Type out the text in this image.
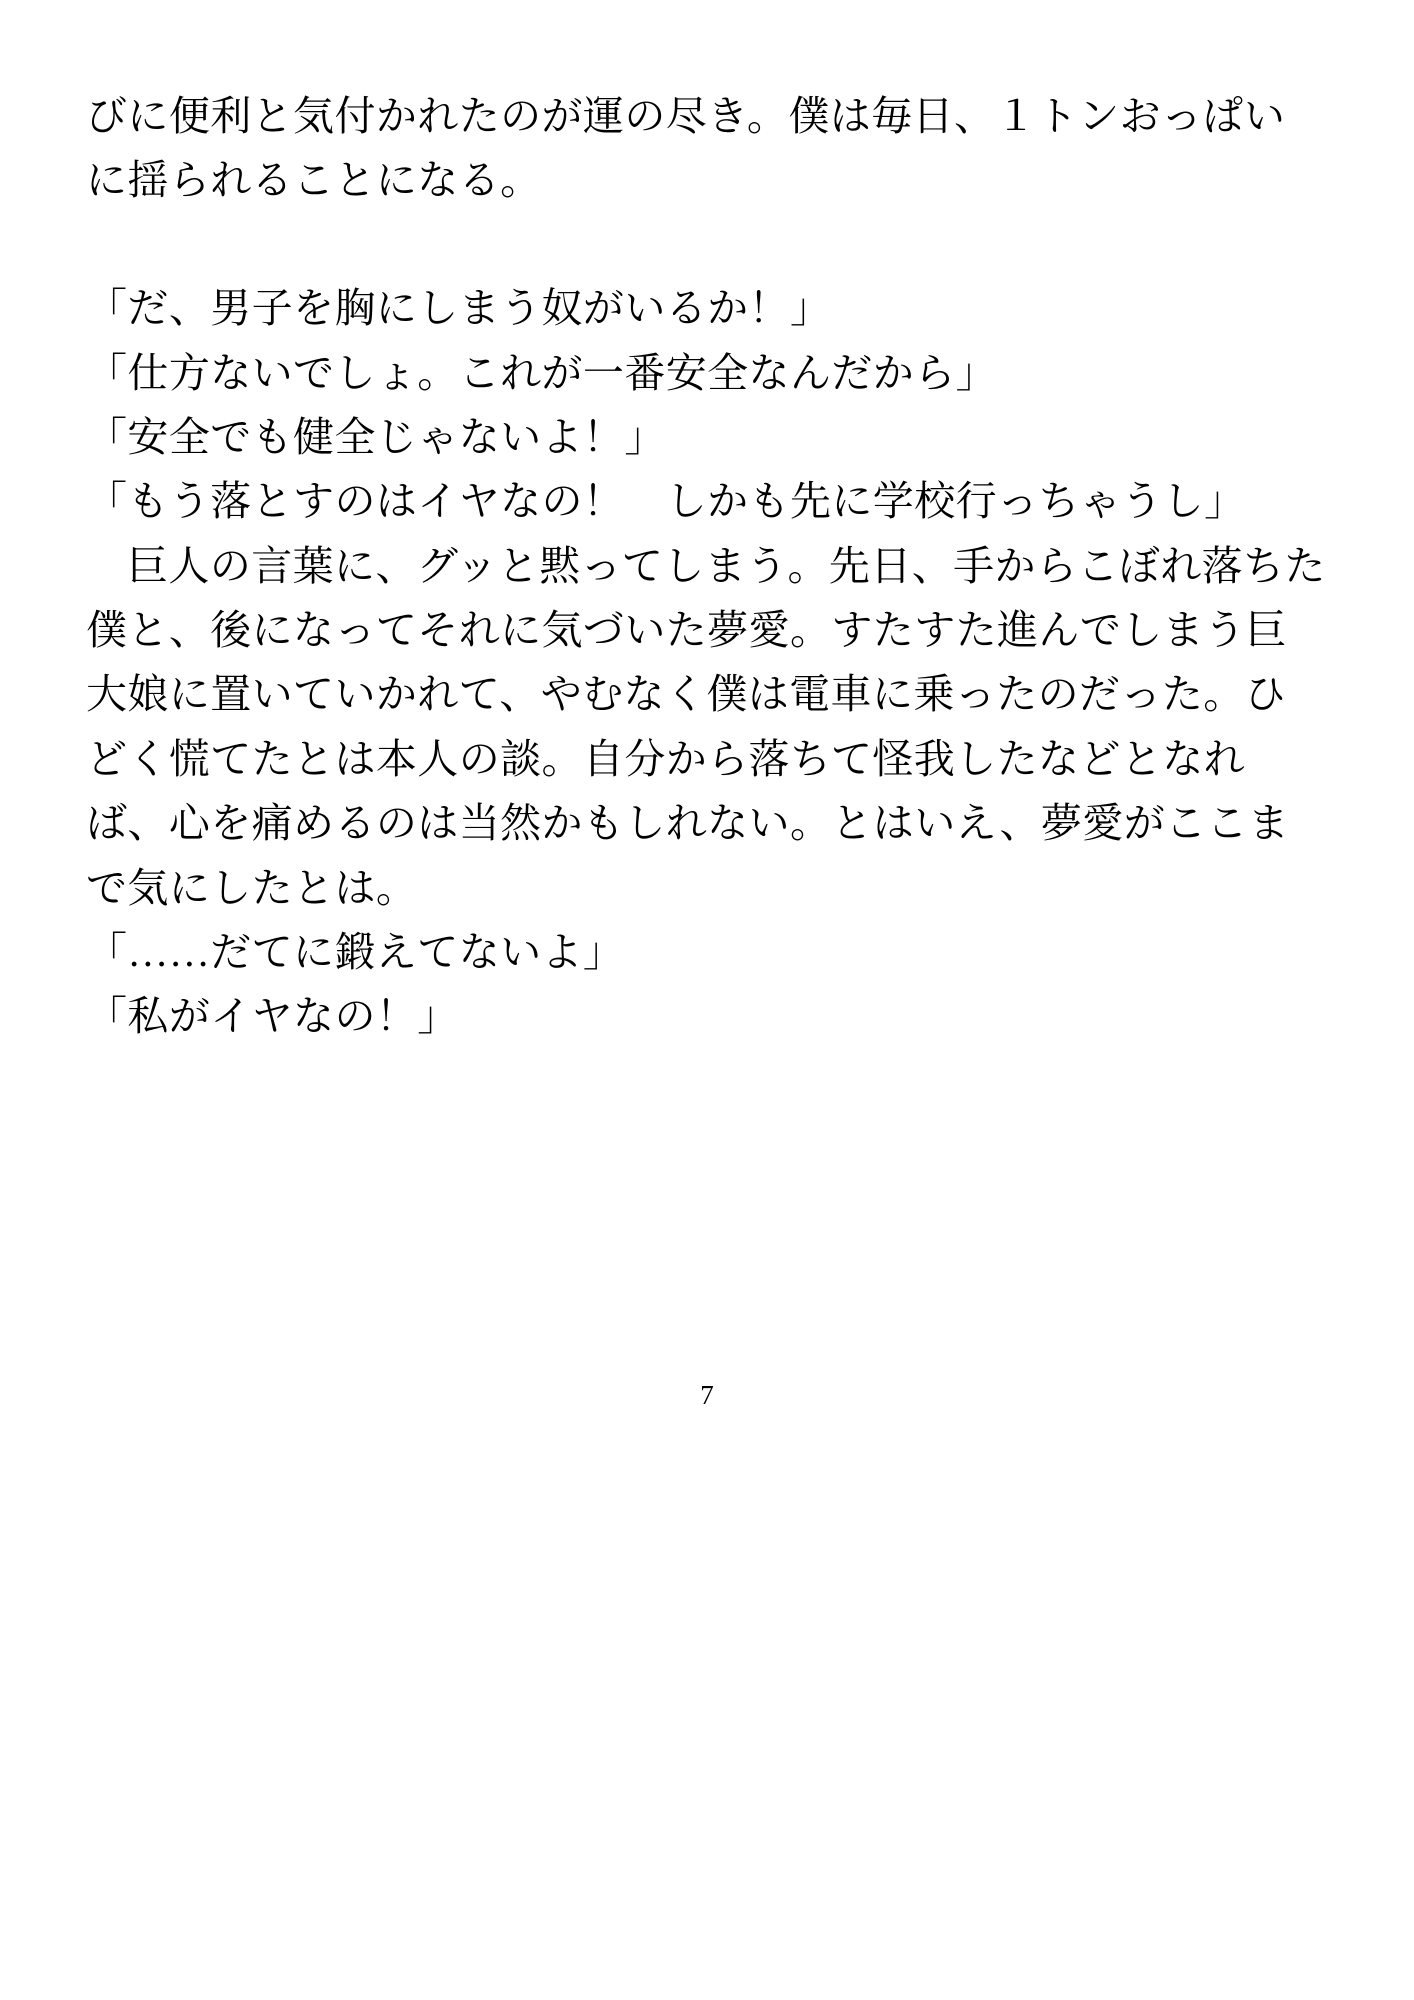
びに便利と気付かれたのが運の尽き。僕は毎日、１トンおっぱいに揺られることになる。

「だ、男子を胸にしまう奴がいるか！」

「仕方ないでしょ。これが一番安全なんだから」

「安全でも健全じゃないよ！」

「もう落とすのはイヤなの！　しかも先に学校行っちゃうし」

巨人の言葉に、グッと黙ってしまう。先日、手からこぼれ落ちた僕と、後になってそれに気づいた夢愛。すたすた進んでしまう巨大娘に置いていかれて、やむなく僕は電車に乗ったのだった。ひどく慌てたとは本人の談。自分から落ちて怪我したなどとなれば、心を痛めるのは当然かもしれない。とはいえ、夢愛がここまで気にしたとは。

「……だてに鍛えてないよ」

「私がイヤなの！」

7
